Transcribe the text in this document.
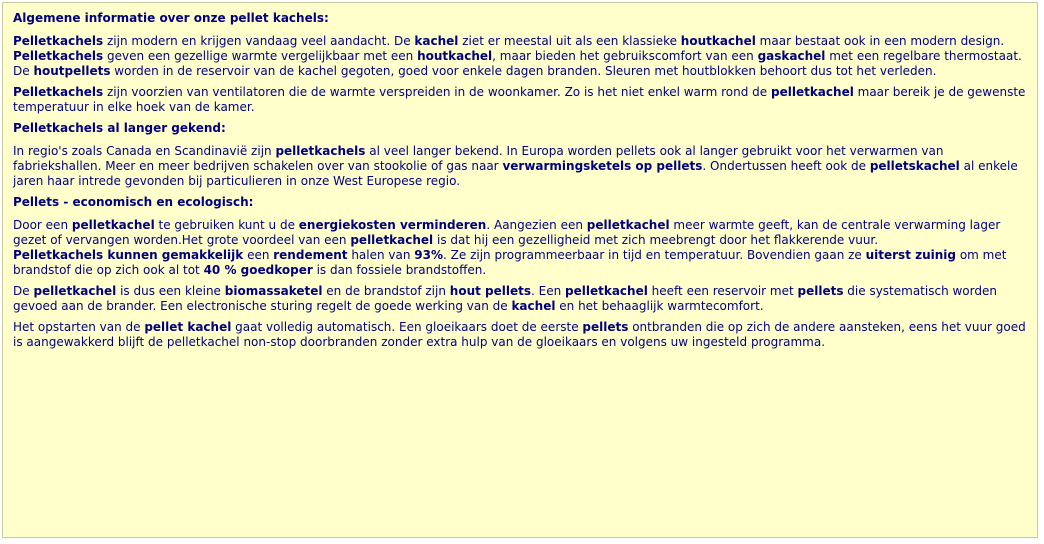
Algemene informatie over onze pellet kachels:

Pelletkachels zijn modern en krijgen vandaag veel aandacht. De kachel ziet er meestal uit als een klassieke houtkachel maar bestaat ook in een modern design. Pelletkachels geven een gezellige warmte vergelijkbaar met een houtkachel, maar bieden het gebruikscomfort van een gaskachel met een regelbare thermostaat. De houtpellets worden in de reservoir van de kachel gegoten, goed voor enkele dagen branden. Sleuren met houtblokken behoort dus tot het verleden.

Pelletkachels zijn voorzien van ventilatoren die de warmte verspreiden in de woonkamer. Zo is het niet enkel warm rond de pelletkachel maar bereik je de gewenste temperatuur in elke hoek van de kamer.

Pelletkachels al langer gekend:

In regio's zoals Canada en Scandinavië zijn pelletkachels al veel langer bekend. In Europa worden pellets ook al langer gebruikt voor het verwarmen van fabriekshallen. Meer en meer bedrijven schakelen over van stookolie of gas naar verwarmingsketels op pellets. Ondertussen heeft ook de pelletskachel al enkele jaren haar intrede gevonden bij particulieren in onze West Europese regio.

Pellets - economisch en ecologisch:

Door een pelletkachel te gebruiken kunt u de energiekosten verminderen. Aangezien een pelletkachel meer warmte geeft, kan de centrale verwarming lager gezet of vervangen worden.Het grote voordeel van een pelletkachel is dat hij een gezelligheid met zich meebrengt door het flakkerende vuur.
Pelletkachels kunnen gemakkelijk een rendement halen van 93%. Ze zijn programmeerbaar in tijd en temperatuur. Bovendien gaan ze uiterst zuinig om met brandstof die op zich ook al tot 40 % goedkoper is dan fossiele brandstoffen.

De pelletkachel is dus een kleine biomassaketel en de brandstof zijn hout pellets. Een pelletkachel heeft een reservoir met pellets die systematisch worden gevoed aan de brander. Een electronische sturing regelt de goede werking van de kachel en het behaaglijk warmtecomfort.

Het opstarten van de pellet kachel gaat volledig automatisch. Een gloeikaars doet de eerste pellets ontbranden die op zich de andere aansteken, eens het vuur goed is aangewakkerd blijft de pelletkachel non-stop doorbranden zonder extra hulp van de gloeikaars en volgens uw ingesteld programma.
